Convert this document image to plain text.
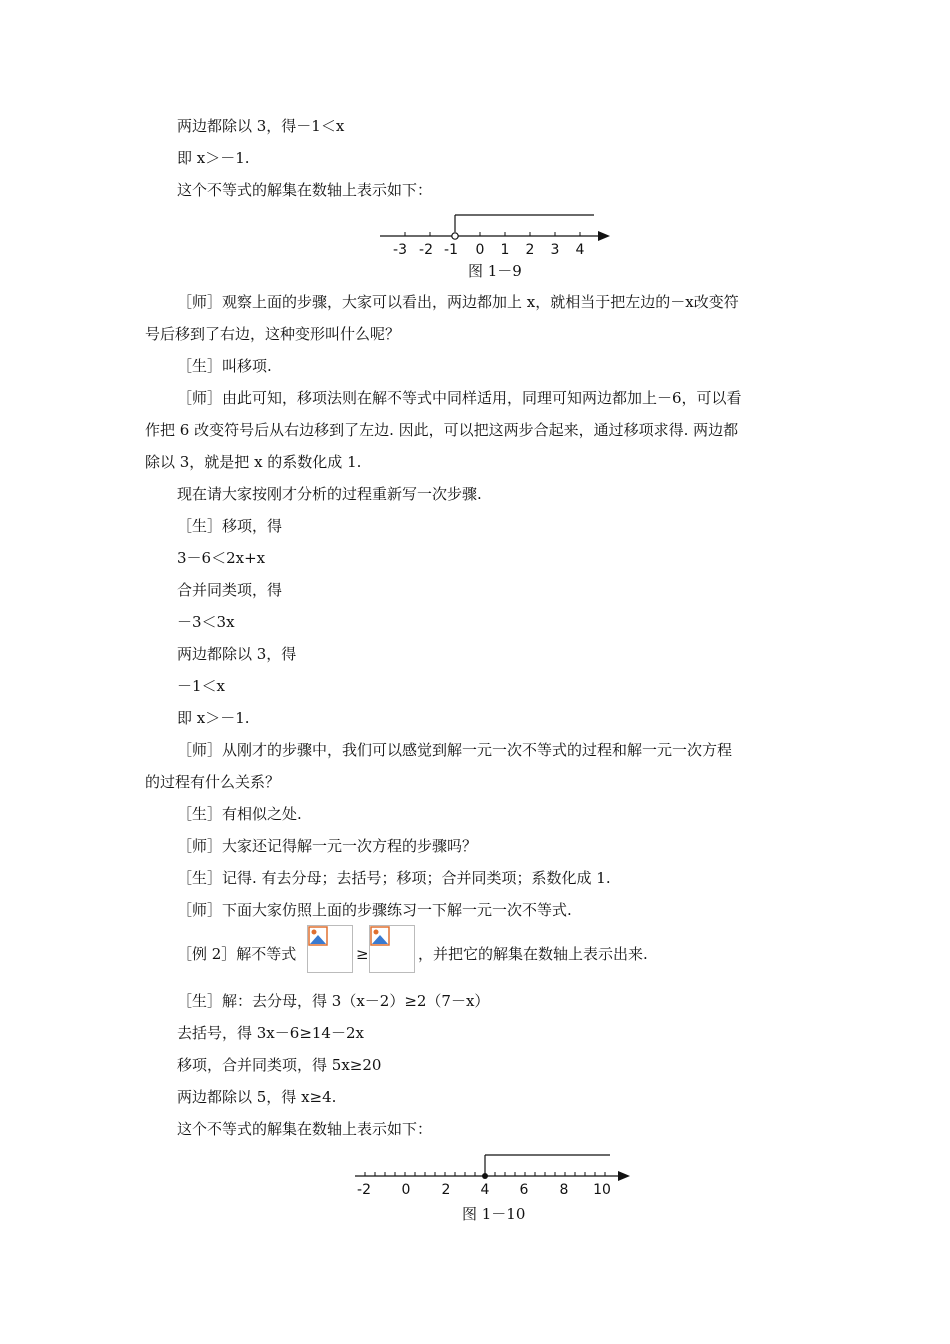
两边都除以 3，得－1＜x
即 x＞－1.
这个不等式的解集在数轴上表示如下：
-3 -2 -1 0 1 2 3 4
图 1－9
［师］观察上面的步骤，大家可以看出，两边都加上 x，就相当于把左边的－x改变符
号后移到了右边，这种变形叫什么呢？
［生］叫移项.
［师］由此可知，移项法则在解不等式中同样适用，同理可知两边都加上－6，可以看
作把 6 改变符号后从右边移到了左边. 因此，可以把这两步合起来，通过移项求得. 两边都
除以 3，就是把 x 的系数化成 1.
现在请大家按刚才分析的过程重新写一次步骤.
［生］移项，得
3－6＜2x+x
合并同类项，得
－3＜3x
两边都除以 3，得
－1＜x
即 x＞－1.
［师］从刚才的步骤中，我们可以感觉到解一元一次不等式的过程和解一元一次方程
的过程有什么关系？
［生］有相似之处.
［师］大家还记得解一元一次方程的步骤吗？
［生］记得. 有去分母；去括号；移项；合并同类项；系数化成 1.
［师］下面大家仿照上面的步骤练习一下解一元一次不等式.
［例 2］解不等式	≥	，并把它的解集在数轴上表示出来.
［生］解：去分母，得 3（x－2）≥2（7－x）
去括号，得 3x－6≥14－2x
移项，合并同类项，得 5x≥20
两边都除以 5，得 x≥4.
这个不等式的解集在数轴上表示如下：
-2 0 2 4 6 8 10
图 1－10
